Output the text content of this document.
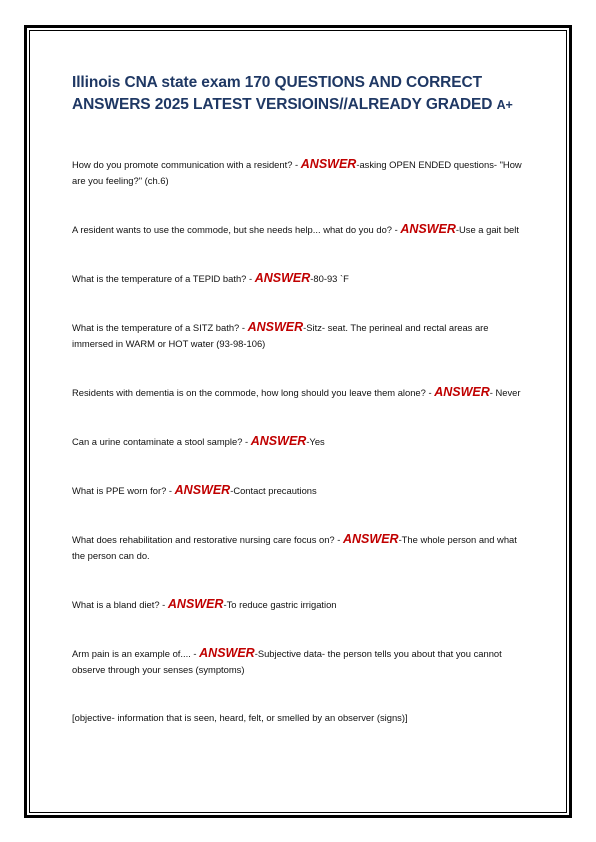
Illinois CNA state exam 170 QUESTIONS AND CORRECT ANSWERS 2025 LATEST VERSIOINS//ALREADY GRADED A+

How do you promote communication with a resident? - ANSWER-asking OPEN ENDED questions- "How are you feeling?" (ch.6)

A resident wants to use the commode, but she needs help... what do you do? - ANSWER-Use a gait belt

What is the temperature of a TEPID bath? - ANSWER-80-93 `F

What is the temperature of a SITZ bath? - ANSWER-Sitz- seat. The perineal and rectal areas are immersed in WARM or HOT water (93-98-106)

Residents with dementia is on the commode, how long should you leave them alone? - ANSWER- Never

Can a urine contaminate a stool sample? - ANSWER-Yes

What is PPE worn for? - ANSWER-Contact precautions

What does rehabilitation and restorative nursing care focus on? - ANSWER-The whole person and what the person can do.

What is a bland diet? - ANSWER-To reduce gastric irrigation

Arm pain is an example of.... - ANSWER-Subjective data- the person tells you about that you cannot observe through your senses (symptoms)

[objective- information that is seen, heard, felt, or smelled by an observer (signs)]
